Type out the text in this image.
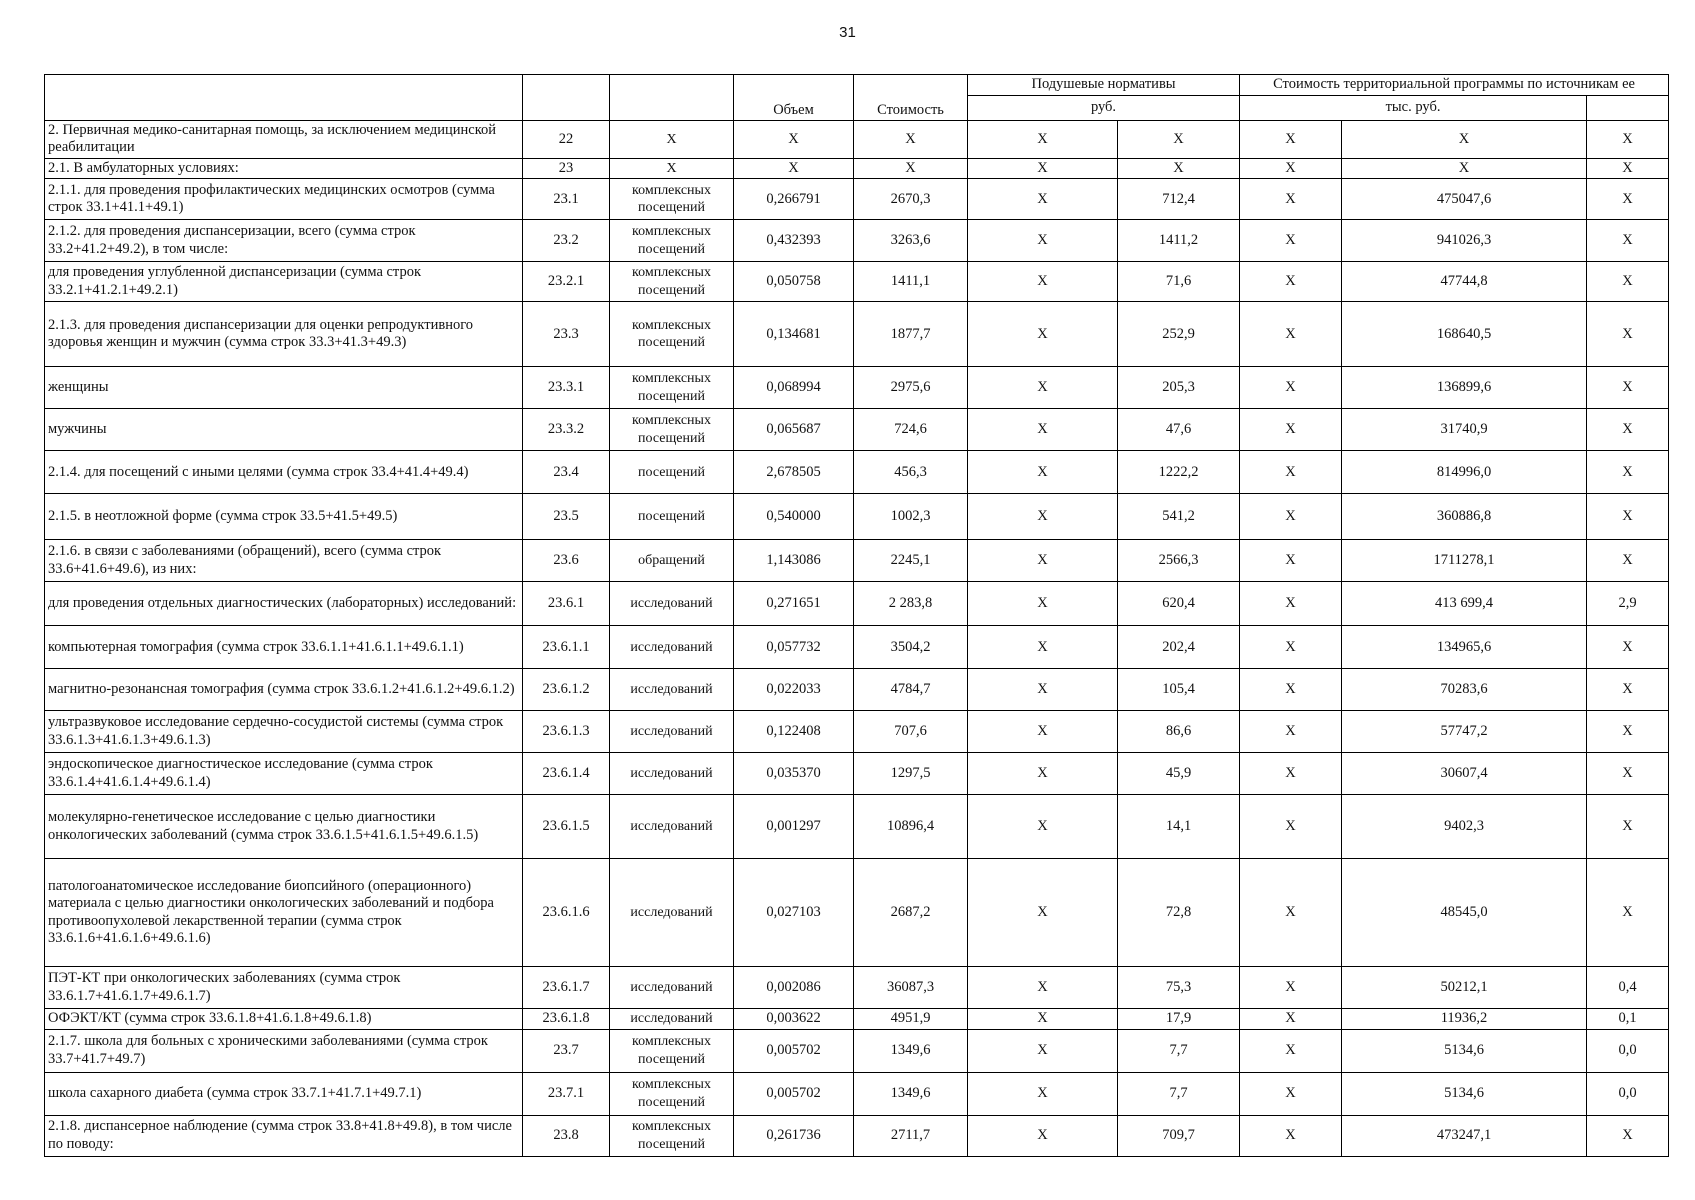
31
			Объем	Стоимость	Подушевые нормативы		Стоимость территориальной программы по источникам ее		
					руб.		тыс. руб.		
2. Первичная медико-санитарная помощь, за исключением медицинской реабилитации	22	X	X	X	X	X	X	X	X
2.1. В амбулаторных условиях:	23	X	X	X	X	X	X	X	X
2.1.1. для проведения профилактических медицинских осмотров (сумма строк 33.1+41.1+49.1)	23.1	комплексных посещений	0,266791	2670,3	X	712,4	X	475047,6	X
2.1.2. для проведения диспансеризации, всего (сумма строк 33.2+41.2+49.2), в том числе:	23.2	комплексных посещений	0,432393	3263,6	X	1411,2	X	941026,3	X
для проведения углубленной диспансеризации (сумма строк 33.2.1+41.2.1+49.2.1)	23.2.1	комплексных посещений	0,050758	1411,1	X	71,6	X	47744,8	X
2.1.3. для проведения диспансеризации для оценки репродуктивного здоровья женщин и мужчин (сумма строк 33.3+41.3+49.3)	23.3	комплексных посещений	0,134681	1877,7	X	252,9	X	168640,5	X
женщины	23.3.1	комплексных посещений	0,068994	2975,6	X	205,3	X	136899,6	X
мужчины	23.3.2	комплексных посещений	0,065687	724,6	X	47,6	X	31740,9	X
2.1.4. для посещений с иными целями (сумма строк 33.4+41.4+49.4)	23.4	посещений	2,678505	456,3	X	1222,2	X	814996,0	X
2.1.5. в неотложной форме (сумма строк 33.5+41.5+49.5)	23.5	посещений	0,540000	1002,3	X	541,2	X	360886,8	X
2.1.6. в связи с заболеваниями (обращений), всего (сумма строк 33.6+41.6+49.6), из них:	23.6	обращений	1,143086	2245,1	X	2566,3	X	1711278,1	X
для проведения отдельных диагностических (лабораторных) исследований:	23.6.1	исследований	0,271651	2 283,8	X	620,4	X	413 699,4	2,9
компьютерная томография (сумма строк 33.6.1.1+41.6.1.1+49.6.1.1)	23.6.1.1	исследований	0,057732	3504,2	X	202,4	X	134965,6	X
магнитно-резонансная томография (сумма строк 33.6.1.2+41.6.1.2+49.6.1.2)	23.6.1.2	исследований	0,022033	4784,7	X	105,4	X	70283,6	X
ультразвуковое исследование сердечно-сосудистой системы (сумма строк 33.6.1.3+41.6.1.3+49.6.1.3)	23.6.1.3	исследований	0,122408	707,6	X	86,6	X	57747,2	X
эндоскопическое диагностическое исследование (сумма строк 33.6.1.4+41.6.1.4+49.6.1.4)	23.6.1.4	исследований	0,035370	1297,5	X	45,9	X	30607,4	X
молекулярно-генетическое исследование с целью диагностики онкологических заболеваний (сумма строк 33.6.1.5+41.6.1.5+49.6.1.5)	23.6.1.5	исследований	0,001297	10896,4	X	14,1	X	9402,3	X
патологоанатомическое исследование биопсийного (операционного) материала с целью диагностики онкологических заболеваний и подбора противоопухолевой лекарственной терапии (сумма строк 33.6.1.6+41.6.1.6+49.6.1.6)	23.6.1.6	исследований	0,027103	2687,2	X	72,8	X	48545,0	X
ПЭТ-КТ при онкологических заболеваниях (сумма строк 33.6.1.7+41.6.1.7+49.6.1.7)	23.6.1.7	исследований	0,002086	36087,3	X	75,3	X	50212,1	0,4
ОФЭКТ/КТ (сумма строк 33.6.1.8+41.6.1.8+49.6.1.8)	23.6.1.8	исследований	0,003622	4951,9	X	17,9	X	11936,2	0,1
2.1.7. школа для больных с хроническими заболеваниями (сумма строк 33.7+41.7+49.7)	23.7	комплексных посещений	0,005702	1349,6	X	7,7	X	5134,6	0,0
школа сахарного диабета (сумма строк 33.7.1+41.7.1+49.7.1)	23.7.1	комплексных посещений	0,005702	1349,6	X	7,7	X	5134,6	0,0
2.1.8. диспансерное наблюдение (сумма строк 33.8+41.8+49.8), в том числе по поводу:	23.8	комплексных посещений	0,261736	2711,7	X	709,7	X	473247,1	X
